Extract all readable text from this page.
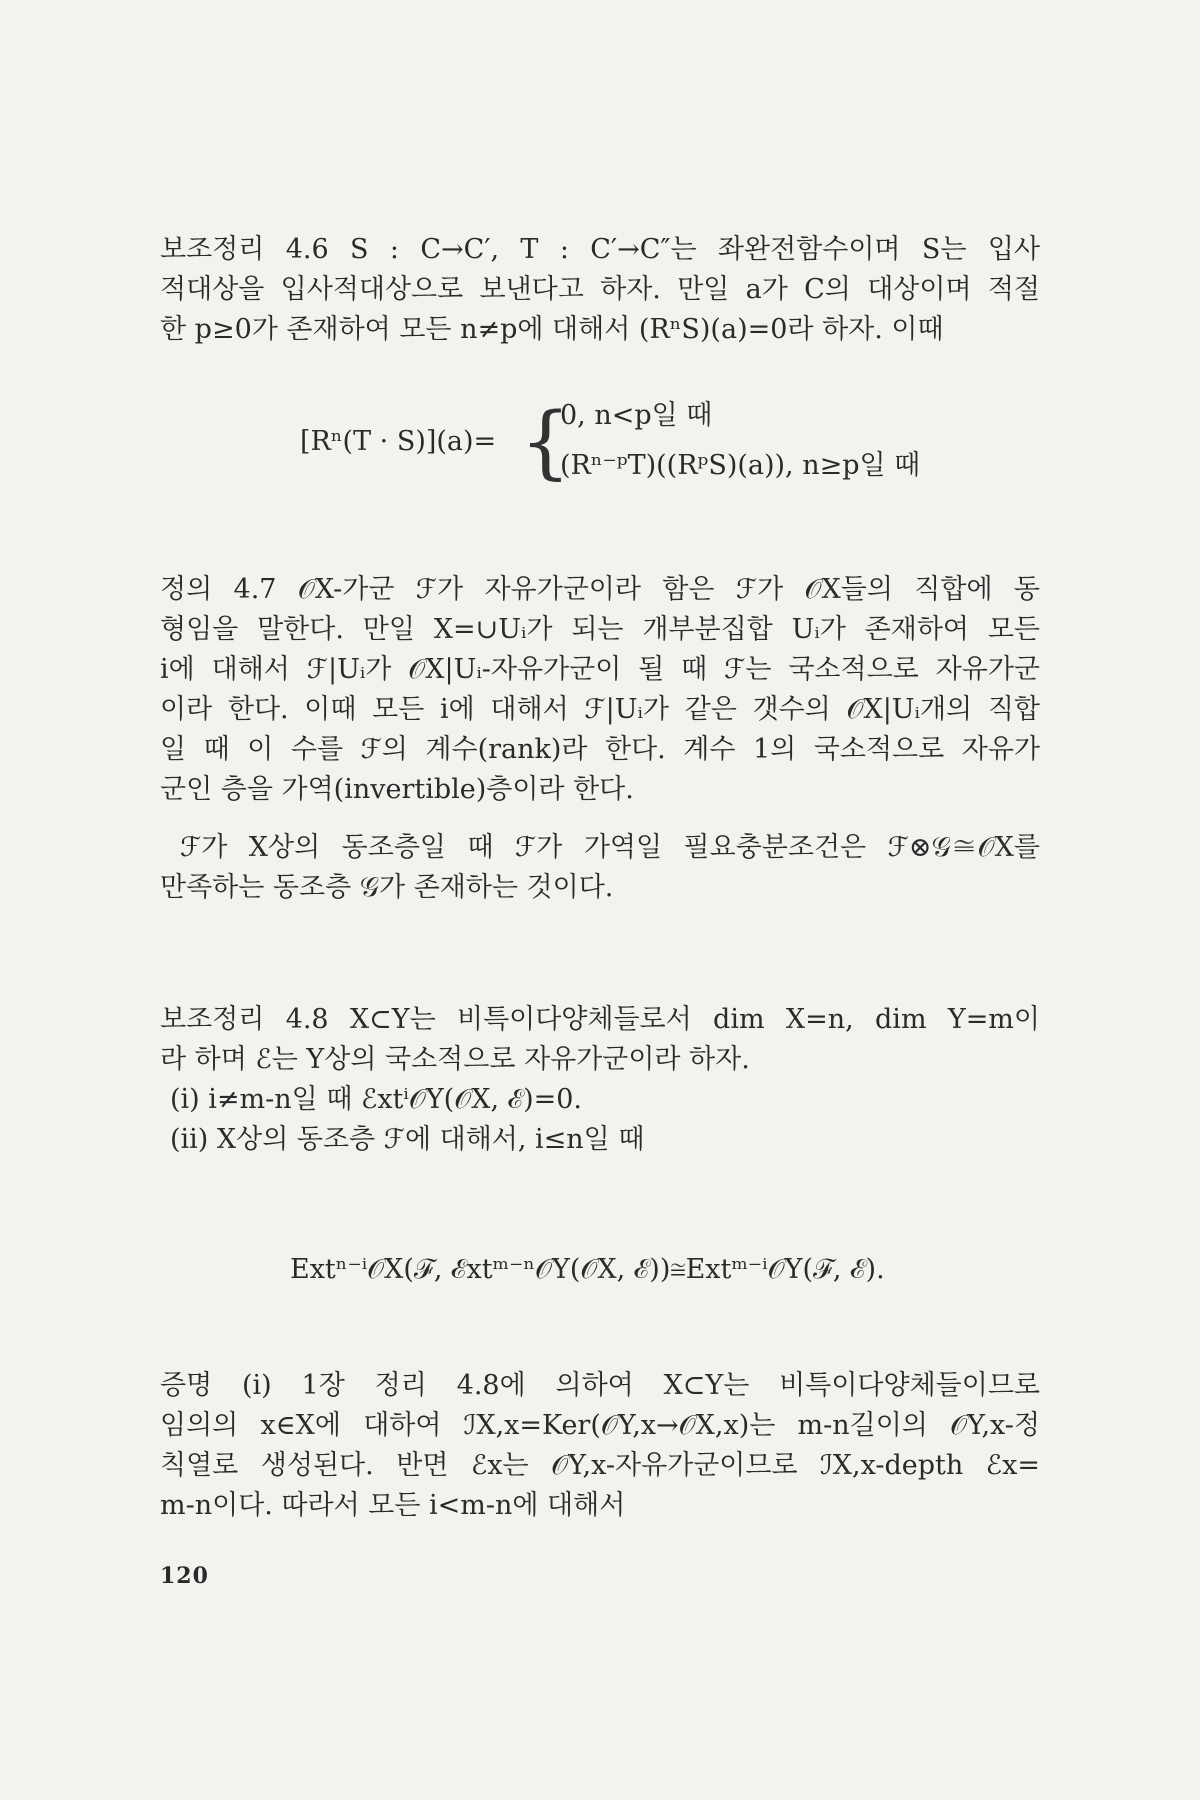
보조정리 4.6 S : C→C′, T : C′→C″는 좌완전함수이며 S는 입사
적대상을 입사적대상으로 보낸다고 하자. 만일 a가 C의 대상이며 적절
한 p≥0가 존재하여 모든 n≠p에 대해서 (RⁿS)(a)=0라 하자. 이때
[Rⁿ(T · S)](a)= {
0, n<p일 때
(Rⁿ⁻ᵖT)((RᵖS)(a)), n≥p일 때
정의 4.7 𝒪X-가군 ℱ가 자유가군이라 함은 ℱ가 𝒪X들의 직합에 동
형임을 말한다. 만일 X=∪Uᵢ가 되는 개부분집합 Uᵢ가 존재하여 모든
i에 대해서 ℱ|Uᵢ가 𝒪X|Uᵢ-자유가군이 될 때 ℱ는 국소적으로 자유가군
이라 한다. 이때 모든 i에 대해서 ℱ|Uᵢ가 같은 갯수의 𝒪X|Uᵢ개의 직합
일 때 이 수를 ℱ의 계수(rank)라 한다. 계수 1의 국소적으로 자유가
군인 층을 가역(invertible)층이라 한다.
ℱ가 X상의 동조층일 때 ℱ가 가역일 필요충분조건은 ℱ⊗𝒢≅𝒪X를
만족하는 동조층 𝒢가 존재하는 것이다.
보조정리 4.8 X⊂Y는 비특이다양체들로서 dim X=n, dim Y=m이
라 하며 ℰ는 Y상의 국소적으로 자유가군이라 하자.
(i) i≠m-n일 때 ℰxtⁱ𝒪Y(𝒪X, ℰ)=0.
(ii) X상의 동조층 ℱ에 대해서, i≤n일 때
Extⁿ⁻ⁱ𝒪X(ℱ, ℰxtᵐ⁻ⁿ𝒪Y(𝒪X, ℰ))≅Extᵐ⁻ⁱ𝒪Y(ℱ, ℰ).
증명 (i) 1장 정리 4.8에 의하여 X⊂Y는 비특이다양체들이므로
임의의 x∈X에 대하여 ℐX,x=Ker(𝒪Y,x→𝒪X,x)는 m-n길이의 𝒪Y,x-정
칙열로 생성된다. 반면 ℰx는 𝒪Y,x-자유가군이므로 ℐX,x-depth ℰx=
m-n이다. 따라서 모든 i<m-n에 대해서
120
